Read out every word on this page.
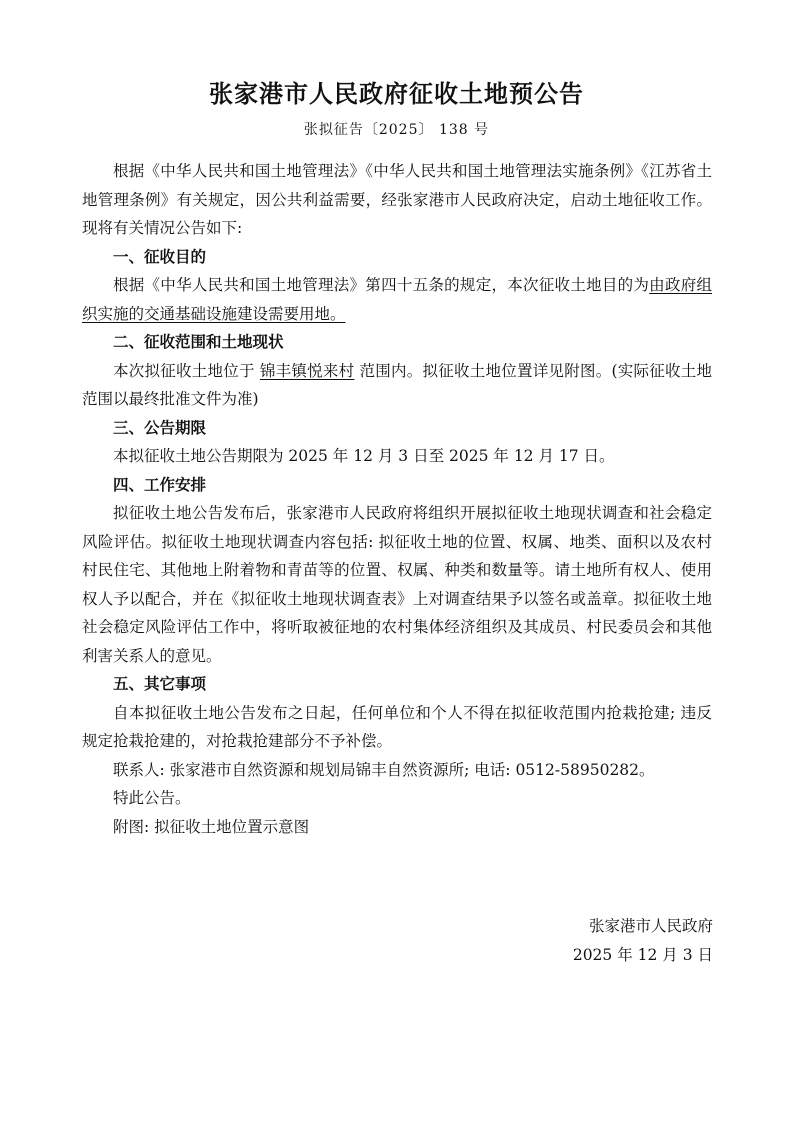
张家港市人民政府征收土地预公告
张拟征告〔2025〕 138 号

根据《中华人民共和国土地管理法》《中华人民共和国土地管理法实施条例》《江苏省土地管理条例》有关规定，因公共利益需要，经张家港市人民政府决定，启动土地征收工作。现将有关情况公告如下:

一、征收目的

根据《中华人民共和国土地管理法》第四十五条的规定，本次征收土地目的为由政府组织实施的交通基础设施建设需要用地。

二、征收范围和土地现状

本次拟征收土地位于 锦丰镇悦来村 范围内。拟征收土地位置详见附图。(实际征收土地范围以最终批准文件为准)

三、公告期限

本拟征收土地公告期限为 2025 年 12 月 3 日至 2025 年 12 月 17 日。

四、工作安排

拟征收土地公告发布后，张家港市人民政府将组织开展拟征收土地现状调查和社会稳定风险评估。拟征收土地现状调查内容包括: 拟征收土地的位置、权属、地类、面积以及农村村民住宅、其他地上附着物和青苗等的位置、权属、种类和数量等。请土地所有权人、使用权人予以配合，并在《拟征收土地现状调查表》上对调查结果予以签名或盖章。拟征收土地社会稳定风险评估工作中，将听取被征地的农村集体经济组织及其成员、村民委员会和其他利害关系人的意见。

五、其它事项

自本拟征收土地公告发布之日起，任何单位和个人不得在拟征收范围内抢栽抢建; 违反规定抢栽抢建的，对抢栽抢建部分不予补偿。

联系人: 张家港市自然资源和规划局锦丰自然资源所; 电话: 0512-58950282。

特此公告。

附图: 拟征收土地位置示意图

张家港市人民政府
2025 年 12 月 3 日
